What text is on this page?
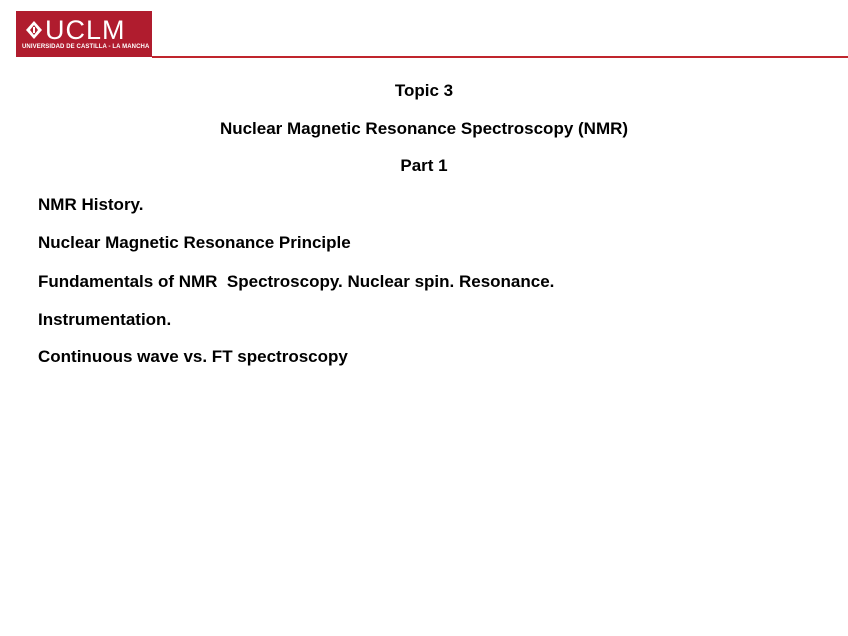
UCLM
UNIVERSIDAD DE CASTILLA - LA MANCHA
Topic 3
Nuclear Magnetic Resonance Spectroscopy (NMR)
Part 1
NMR History.
Nuclear Magnetic Resonance Principle
Fundamentals of NMR  Spectroscopy. Nuclear spin. Resonance.
Instrumentation.
Continuous wave vs. FT spectroscopy
